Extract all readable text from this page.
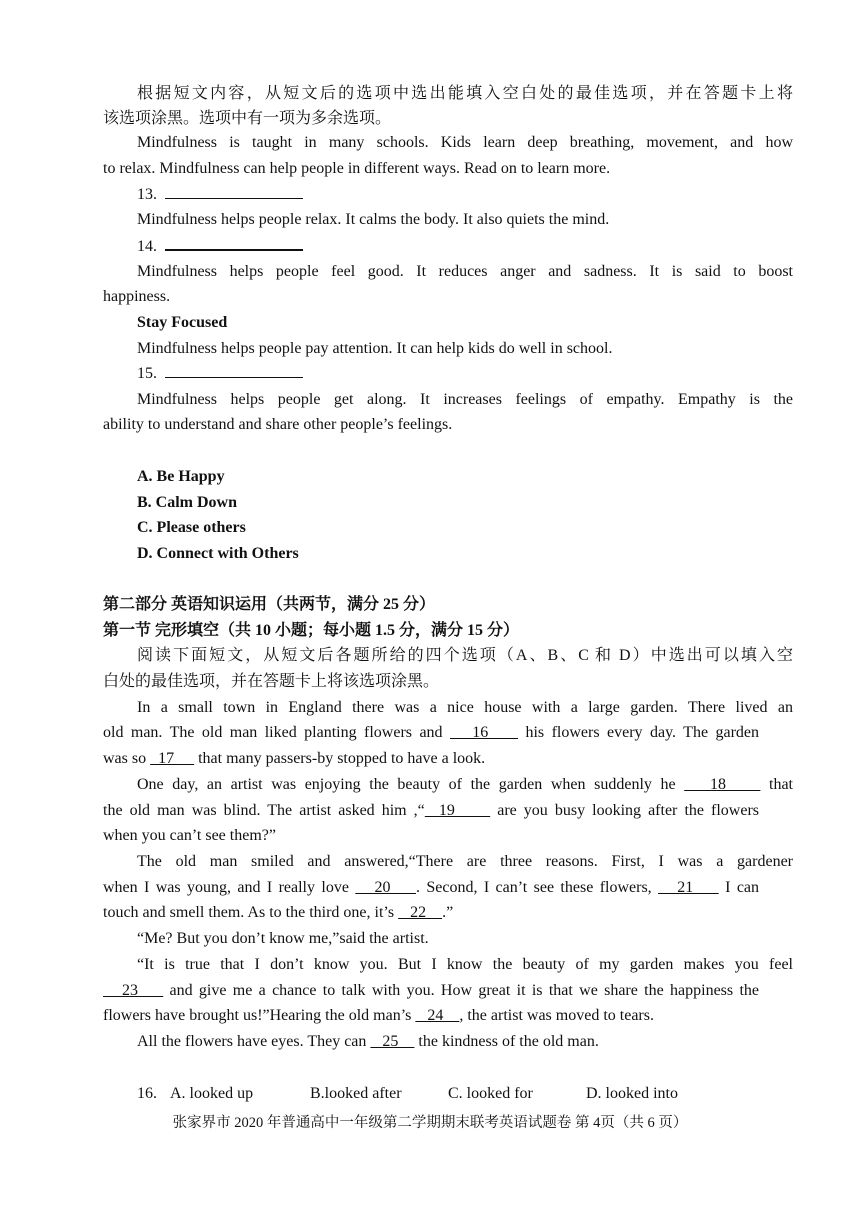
根据短文内容，从短文后的选项中选出能填入空白处的最佳选项，并在答题卡上将
该选项涂黑。选项中有一项为多余选项。
Mindfulness is taught in many schools. Kids learn deep breathing, movement, and how
to relax. Mindfulness can help people in different ways. Read on to learn more.
13.
Mindfulness helps people relax. It calms the body. It also quiets the mind.
14.
Mindfulness helps people feel good. It reduces anger and sadness. It is said to boost
happiness.
Stay Focused
Mindfulness helps people pay attention. It can help kids do well in school.
15.
Mindfulness helps people get along. It increases feelings of empathy. Empathy is the
ability to understand and share other people’s feelings.
A. Be Happy
B. Calm Down
C. Please others
D. Connect with Others
第二部分 英语知识运用（共两节，满分 25 分）
第一节 完形填空（共 10 小题；每小题 1.5 分，满分 15 分）
阅读下面短文，从短文后各题所给的四个选项（A、B、C 和 D）中选出可以填入空
白处的最佳选项，并在答题卡上将该选项涂黑。
In a small town in England there was a nice house with a large garden. There lived an
old man. The old man liked planting flowers and    16     his flowers every day. The garden
was so   17      that many passers-by stopped to have a look.
One day, an artist was enjoying the beauty of the garden when suddenly he    18     that
the old man was blind. The artist asked him ,“  19      are you busy looking after the flowers
when you can’t see them?”
The old man smiled and answered,“There are three reasons. First, I was a gardener
when I was young, and I really love    20    . Second, I can’t see these flowers,    21     I can
touch and smell them. As to the third one, it’s    22    .”
“Me? But you don’t know me,”said the artist.
“It is true that I don’t know you. But I know the beauty of my garden makes you feel
23     and give me a chance to talk with you. How great it is that we share the happiness the
flowers have brought us!”Hearing the old man’s    24    , the artist was moved to tears.
All the flowers have eyes. They can    25     the kindness of the old man.
16. A. looked up	B.looked after	C. looked for	D. looked into
张家界市 2020 年普通高中一年级第二学期期末联考英语试题卷 第 4页（共 6 页）
